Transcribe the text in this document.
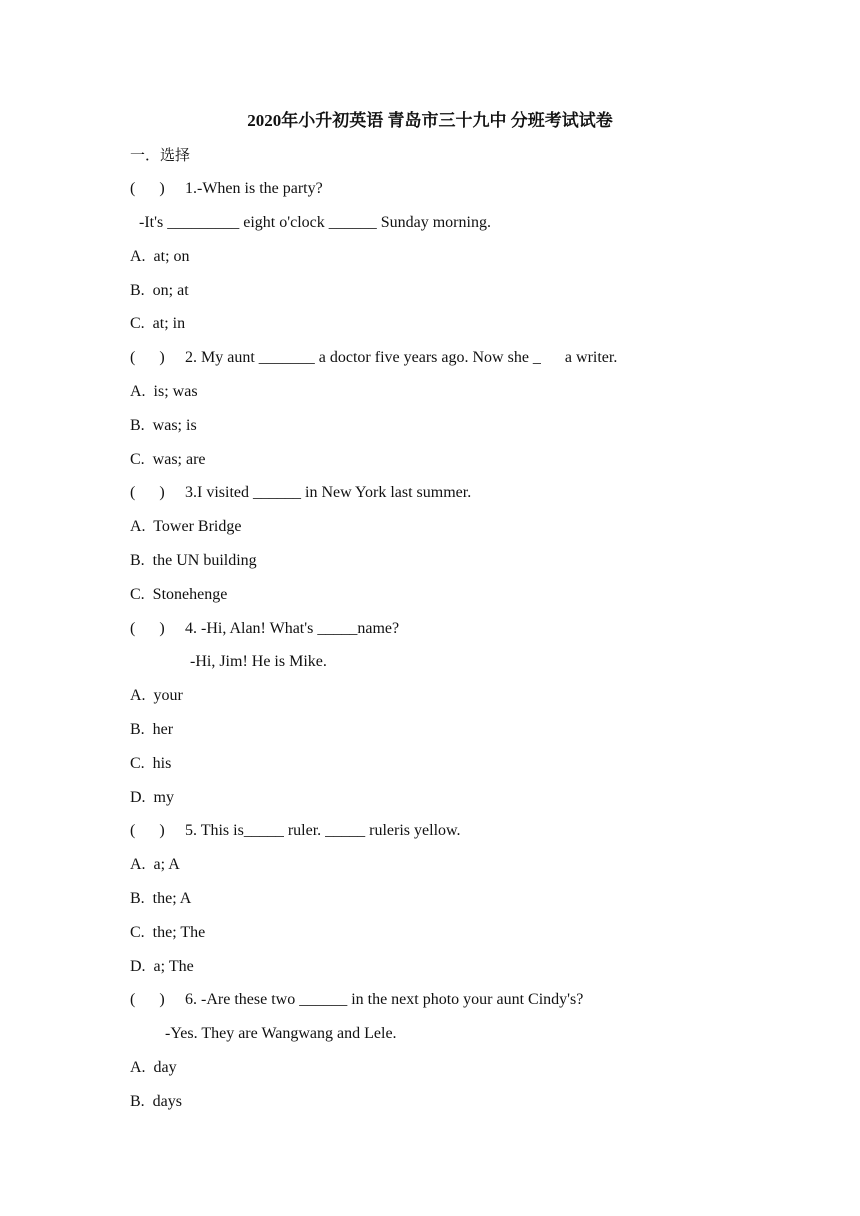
2020年小升初英语 青岛市三十九中 分班考试试卷
一．选择
(      ) 1.-When is the party?
-It's _________ eight o'clock ______ Sunday morning.
A.  at; on
B.  on; at
C.  at; in
(      ) 2. My aunt _______ a doctor five years ago. Now she _      a writer.
A.  is; was
B.  was; is
C.  was; are
(      ) 3.I visited ______ in New York last summer.
A.  Tower Bridge
B.  the UN building
C.  Stonehenge
(      ) 4. -Hi, Alan! What's _____name?
-Hi, Jim! He is Mike.
A.  your
B.  her
C.  his
D.  my
(      ) 5. This is_____ ruler. _____ ruleris yellow.
A.  a; A
B.  the; A
C.  the; The
D.  a; The
(      ) 6. -Are these two ______ in the next photo your aunt Cindy's?
-Yes. They are Wangwang and Lele.
A.  day
B.  days
